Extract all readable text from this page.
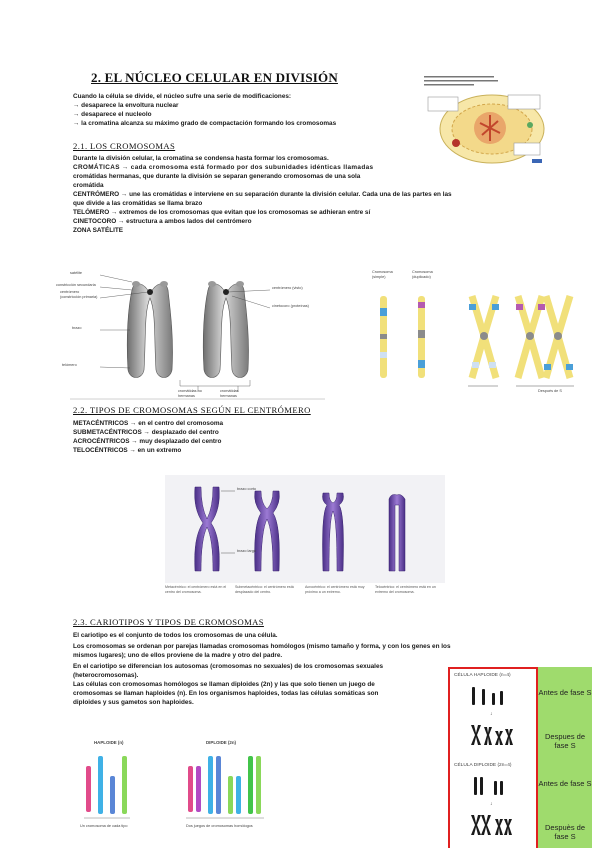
2. EL NÚCLEO CELULAR EN DIVISIÓN
Cuando la célula se divide, el núcleo sufre una serie de modificaciones:
→ desaparece la envoltura nuclear
→ desaparece el nucleolo
→ la cromatina alcanza su máximo grado de compactación formando los cromosomas
2.1. LOS CROMOSOMAS
Durante la división celular, la cromatina se condensa hasta formar los cromosomas.
CROMÁTICAS → cada cromosoma está formado por dos subunidades idénticas llamadas
cromátidas hermanas, que durante la división se separan generando cromosomas de una sola
cromátida
CENTRÓMERO → une las cromátidas e interviene en su separación durante la división celular. Cada una de las partes en las
que divide a las cromátidas se llama brazo
TELÓMERO → extremos de los cromosomas que evitan que los cromosomas se adhieran entre sí
CINETOCORO → estructura a ambos lados del centrómero
ZONA SATÉLITE
satélite
constricción secundaria
centrómero (constricción primaria)
brazo
telómero
centrómero (visto)
cinetocoro (proteínas)
cromátidas no hermanas
cromátidas hermanas
Cromosoma (simple)
Cromosoma (duplicado)
Después de S
2.2. TIPOS DE CROMOSOMAS SEGÚN EL CENTRÓMERO
METACÉNTRICOS → en el centro del cromosoma
SUBMETACÉNTRICOS → desplazado del centro
ACROCÉNTRICOS → muy desplazado del centro
TELOCÉNTRICOS → en un extremo
brazo corto
brazo largo
Metacéntrico: el centrómero está en el centro del cromosoma.
Submetacéntrico: el centrómero está desplazado del centro.
Acrocéntrico: el centrómero está muy próximo a un extremo.
Telocéntrico: el centrómero está en un extremo del cromosoma.
2.3. CARIOTIPOS Y TIPOS DE CROMOSOMAS
El cariotipo es el conjunto de todos los cromosomas de una célula.
Los cromosomas se ordenan por parejas llamadas cromosomas homólogos (mismo tamaño y forma, y con los genes en los
mismos lugares); uno de ellos proviene de la madre y otro del padre.
En el cariotipo se diferencian los autosomas (cromosomas no sexuales) de los cromosomas sexuales
(heterocromosomas).
Las células con cromosomas homólogos se llaman diploides (2n) y las que solo tienen un juego de
cromosomas se llaman haploides (n). En los organismos haploides, todas las células somáticas son
diploides y sus gametos son haploides.
HAPLOIDE (n)	DIPLOIDE (2n)
Un cromosoma de cada tipo	Dos juegos de cromosomas homólogos
CÉLULA HAPLOIDE (n=4)
↓
CÉLULA DIPLOIDE (2n=4)
↓
Antes de fase S
Despues de fase S
Antes de fase S
Despuès de fase S
